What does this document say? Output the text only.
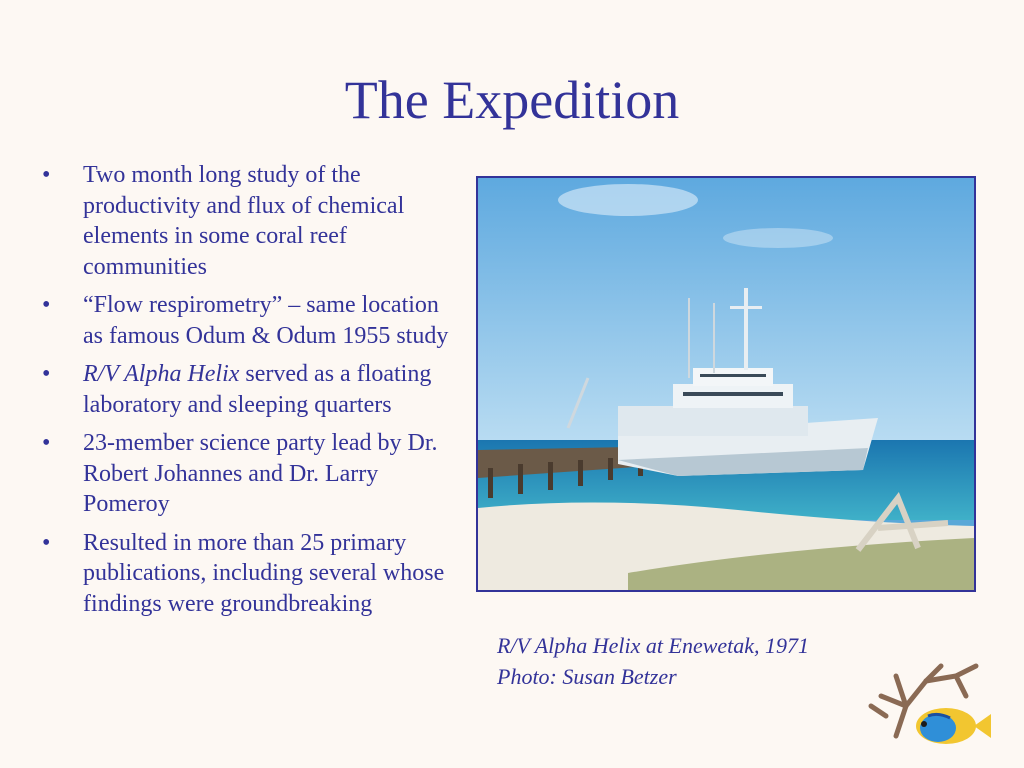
The Expedition
•	Two month long study of the productivity and flux of chemical elements in some coral reef communities
•	“Flow respirometry” – same location as famous Odum & Odum 1955 study
•	R/V Alpha Helix served as a floating laboratory and sleeping quarters
•	23-member science party lead by Dr. Robert Johannes and Dr. Larry Pomeroy
•	Resulted in more than 25 primary publications, including several whose findings were groundbreaking
R/V Alpha Helix at Enewetak, 1971
Photo: Susan Betzer
